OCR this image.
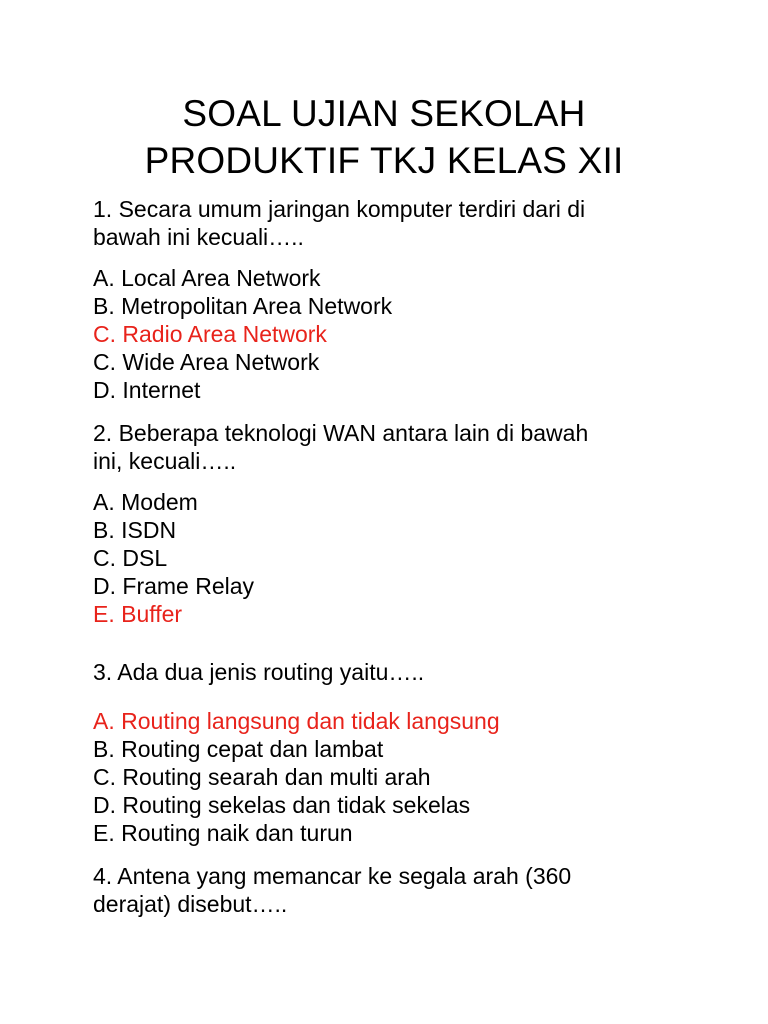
SOAL UJIAN SEKOLAH
PRODUKTIF TKJ KELAS XII
1. Secara umum jaringan komputer terdiri dari di
bawah ini kecuali…..
A. Local Area Network
B. Metropolitan Area Network
C. Radio Area Network
C. Wide Area Network
D. Internet
2. Beberapa teknologi WAN antara lain di bawah
ini, kecuali…..
A. Modem
B. ISDN
C. DSL
D. Frame Relay
E. Buffer
3. Ada dua jenis routing yaitu…..
A. Routing langsung dan tidak langsung
B. Routing cepat dan lambat
C. Routing searah dan multi arah
D. Routing sekelas dan tidak sekelas
E. Routing naik dan turun
4. Antena yang memancar ke segala arah (360
derajat) disebut…..
